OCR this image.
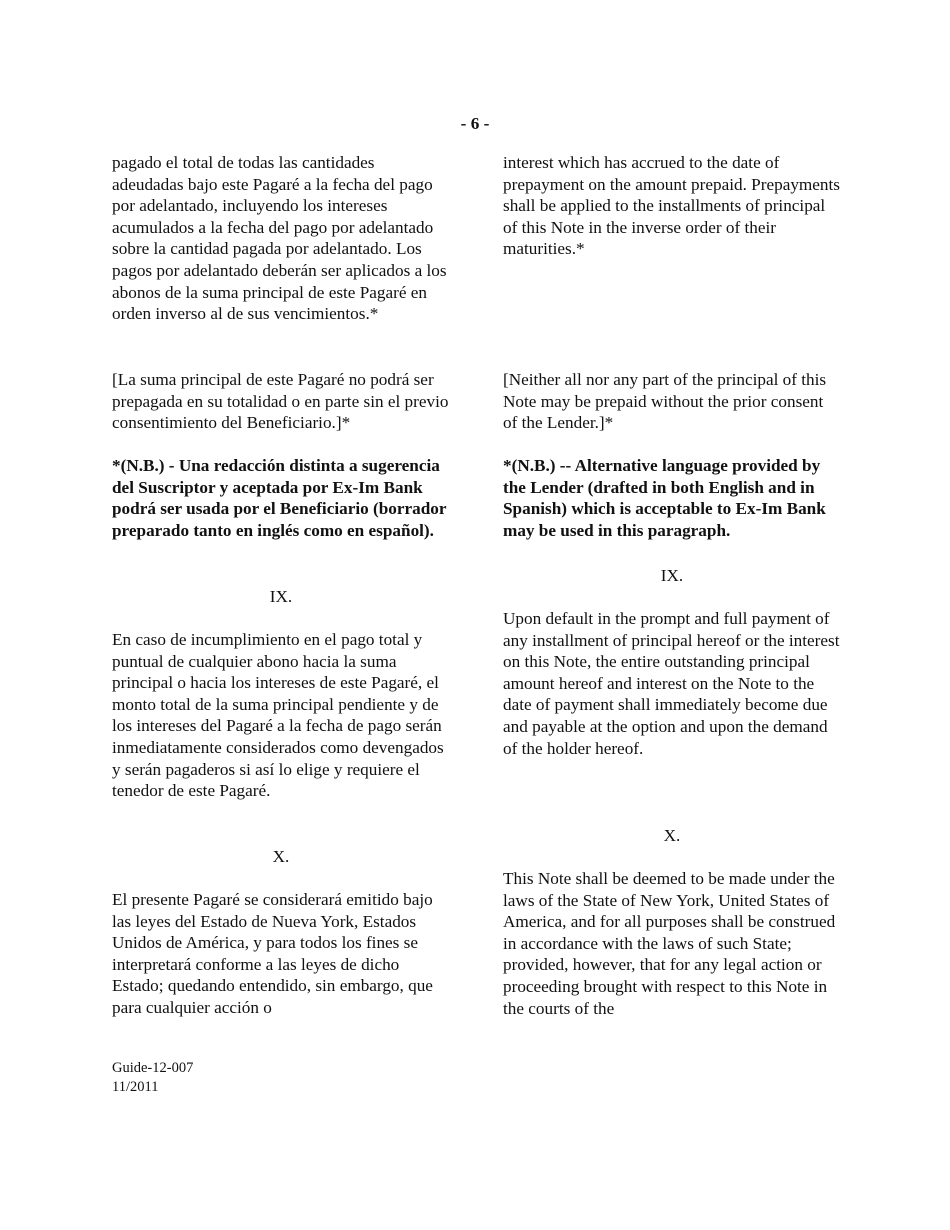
- 6 -

pagado el total de todas las cantidades adeudadas bajo este Pagaré a la fecha del pago por adelantado, incluyendo los intereses acumulados a la fecha del pago por adelantado sobre la cantidad pagada por adelantado. Los pagos por adelantado deberán ser aplicados a los abonos de la suma principal de este Pagaré en orden inverso al de sus vencimientos.*

[La suma principal de este Pagaré no podrá ser prepagada en su totalidad o en parte sin el previo consentimiento del Beneficiario.]*

*(N.B.) - Una redacción distinta a sugerencia del Suscriptor y aceptada por Ex-Im Bank podrá ser usada por el Beneficiario (borrador preparado tanto en inglés como en español).

IX.

En caso de incumplimiento en el pago total y puntual de cualquier abono hacia la suma principal o hacia los intereses de este Pagaré, el monto total de la suma principal pendiente y de los intereses del Pagaré a la fecha de pago serán inmediatamente considerados como devengados y serán pagaderos si así lo elige y requiere el tenedor de este Pagaré.

X.

El presente Pagaré se considerará emitido bajo las leyes del Estado de Nueva York, Estados Unidos de América, y para todos los fines se interpretará conforme a las leyes de dicho Estado; quedando entendido, sin embargo, que para cualquier acción o

interest which has accrued to the date of prepayment on the amount prepaid. Prepayments shall be applied to the installments of principal of this Note in the inverse order of their maturities.*

[Neither all nor any part of the principal of this Note may be prepaid without the prior consent of the Lender.]*

*(N.B.) -- Alternative language provided by the Lender (drafted in both English and in Spanish) which is acceptable to Ex-Im Bank may be used in this paragraph.

IX.

Upon default in the prompt and full payment of any installment of principal hereof or the interest on this Note, the entire outstanding principal amount hereof and interest on the Note to the date of payment shall immediately become due and payable at the option and upon the demand of the holder hereof.

X.

This Note shall be deemed to be made under the laws of the State of New York, United States of America, and for all purposes shall be construed in accordance with the laws of such State; provided, however, that for any legal action or proceeding brought with respect to this Note in the courts of the

Guide-12-007
11/2011
